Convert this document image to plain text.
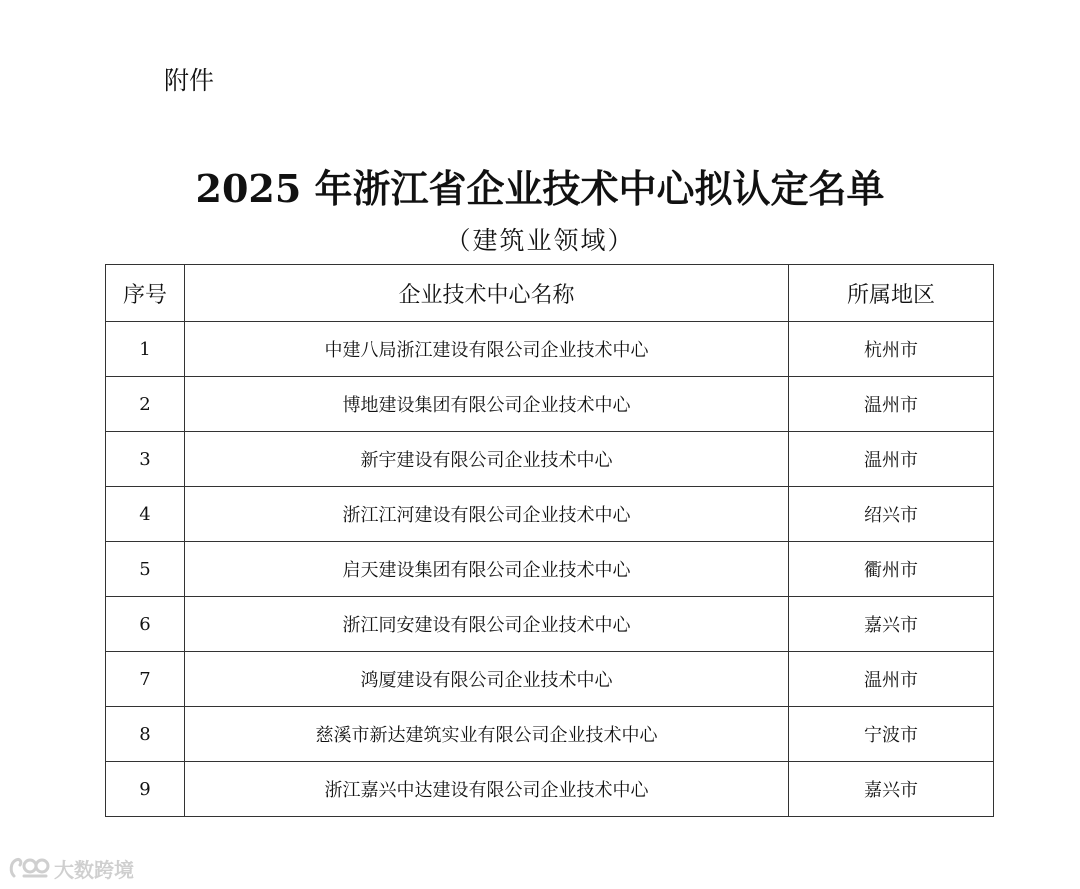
附件
2025 年浙江省企业技术中心拟认定名单
（建筑业领域）
序号	企业技术中心名称	所属地区
1	中建八局浙江建设有限公司企业技术中心	杭州市
2	博地建设集团有限公司企业技术中心	温州市
3	新宇建设有限公司企业技术中心	温州市
4	浙江江河建设有限公司企业技术中心	绍兴市
5	启天建设集团有限公司企业技术中心	衢州市
6	浙江同安建设有限公司企业技术中心	嘉兴市
7	鸿厦建设有限公司企业技术中心	温州市
8	慈溪市新达建筑实业有限公司企业技术中心	宁波市
9	浙江嘉兴中达建设有限公司企业技术中心	嘉兴市
大数跨境
